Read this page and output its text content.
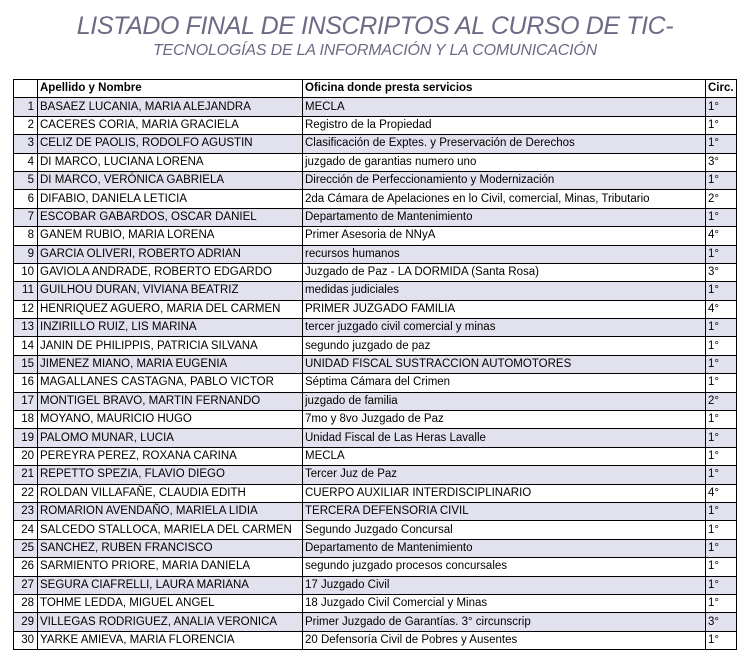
LISTADO FINAL DE INSCRIPTOS AL CURSO DE TIC-
TECNOLOGÍAS DE LA INFORMACIÓN Y LA COMUNICACIÓN
	Apellido y Nombre	Oficina donde presta servicios	Circ.
1	BASAEZ LUCANIA, MARIA ALEJANDRA	MECLA	1°
2	CACERES CORIA, MARIA GRACIELA	Registro de la Propiedad	1°
3	CELIZ DE PAOLIS, RODOLFO AGUSTIN	Clasificación de Exptes. y Preservación de Derechos	1°
4	DI MARCO, LUCIANA LORENA	juzgado de garantias numero uno	3°
5	DI MARCO, VERÓNICA GABRIELA	Dirección de Perfeccionamiento y Modernización	1°
6	DIFABIO, DANIELA LETICIA	2da Cámara de Apelaciones en lo Civil, comercial, Minas, Tributario	2°
7	ESCOBAR GABARDOS, OSCAR DANIEL	Departamento de Mantenimiento	1°
8	GANEM RUBIO, MARIA LORENA	Primer Asesoria de NNyA	4°
9	GARCIA OLIVERI, ROBERTO ADRIAN	recursos humanos	1°
10	GAVIOLA ANDRADE, ROBERTO EDGARDO	Juzgado de Paz - LA DORMIDA (Santa Rosa)	3°
11	GUILHOU DURAN, VIVIANA BEATRIZ	medidas judiciales	1°
12	HENRIQUEZ AGUERO, MARIA DEL CARMEN	PRIMER JUZGADO FAMILIA	4°
13	INZIRILLO RUIZ, LIS MARINA	tercer juzgado civil comercial y minas	1°
14	JANIN DE PHILIPPIS, PATRICIA SILVANA	segundo juzgado de paz	1°
15	JIMENEZ MIANO, MARIA EUGENIA	UNIDAD FISCAL SUSTRACCION AUTOMOTORES	1°
16	MAGALLANES CASTAGNA, PABLO VICTOR	Séptima Cámara del Crimen	1°
17	MONTIGEL BRAVO, MARTIN FERNANDO	juzgado de familia	2°
18	MOYANO, MAURICIO HUGO	7mo y 8vo Juzgado de Paz	1°
19	PALOMO MUNAR, LUCIA	Unidad Fiscal de Las Heras Lavalle	1°
20	PEREYRA PEREZ, ROXANA CARINA	MECLA	1°
21	REPETTO SPEZIA, FLAVIO DIEGO	Tercer Juz de Paz	1°
22	ROLDAN VILLAFAÑE, CLAUDIA EDITH	CUERPO AUXILIAR INTERDISCIPLINARIO	4°
23	ROMARION AVENDAÑO, MARIELA LIDIA	TERCERA DEFENSORIA CIVIL	1°
24	SALCEDO STALLOCA, MARIELA DEL CARMEN	Segundo Juzgado Concursal	1°
25	SANCHEZ, RUBEN FRANCISCO	Departamento de Mantenimiento	1°
26	SARMIENTO PRIORE, MARIA DANIELA	segundo juzgado procesos concursales	1°
27	SEGURA CIAFRELLI, LAURA MARIANA	17 Juzgado Civil	1°
28	TOHME LEDDA, MIGUEL ANGEL	18 Juzgado Civil Comercial y Minas	1°
29	VILLEGAS RODRIGUEZ, ANALIA VERONICA	Primer Juzgado de Garantías. 3° circunscrip	3°
30	YARKE AMIEVA, MARIA FLORENCIA	20 Defensoría Civil de Pobres y Ausentes	1°
